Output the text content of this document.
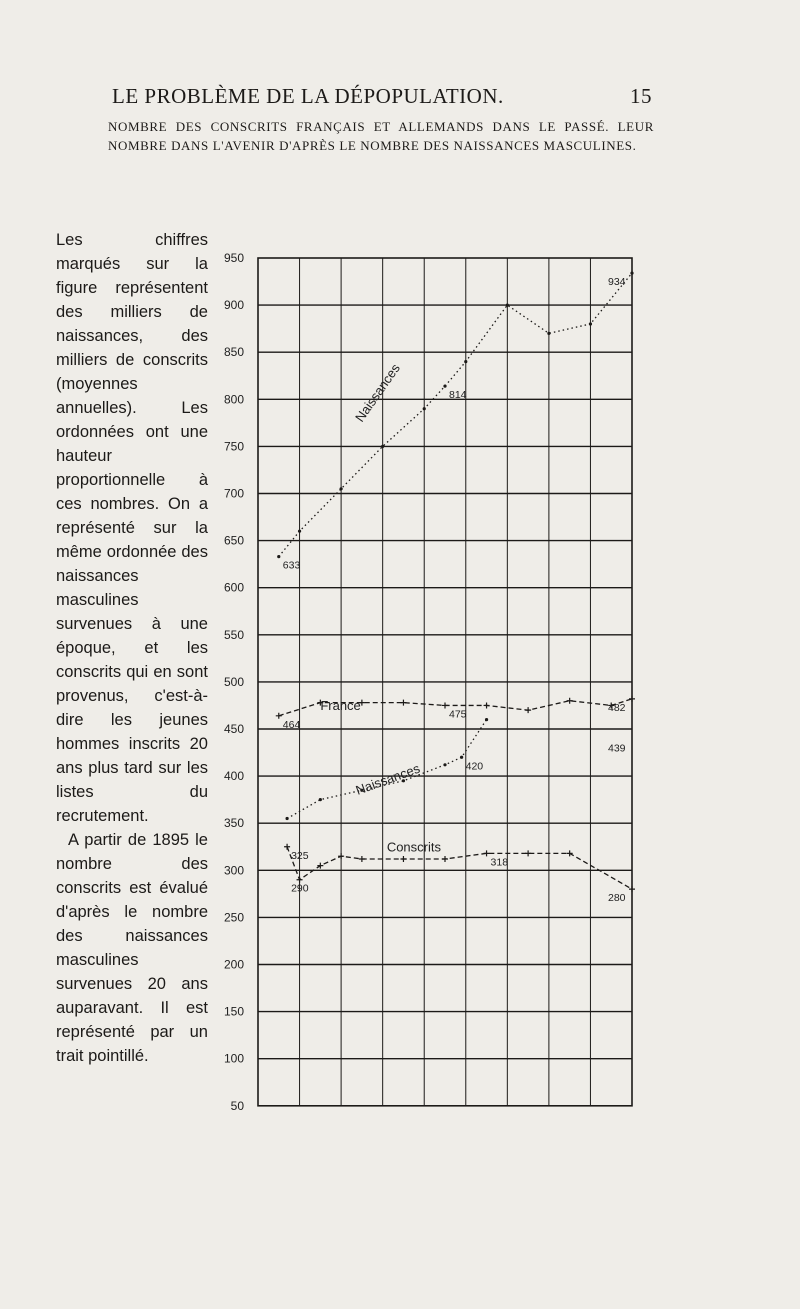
LE PROBLÈME DE LA DÉPOPULATION.	15
NOMBRE DES CONSCRITS FRANÇAIS ET ALLEMANDS DANS LE PASSÉ. LEUR NOMBRE DANS L'AVENIR D'APRÈS LE NOMBRE DES NAISSANCES MASCULINES.

Les chiffres marqués sur la figure représentent des milliers de naissances, des milliers de conscrits (moyennes annuelles). Les ordonnées ont une hauteur proportionnelle à ces nombres. On a représenté sur la même ordonnée des naissances masculines survenues à une époque, et les conscrits qui en sont provenus, c'est-à-dire les jeunes hommes inscrits 20 ans plus tard sur les listes du recrutement.

A partir de 1895 le nombre des conscrits est évalué d'après le nombre des naissances masculines survenues 20 ans auparavant. Il est représenté par un trait pointillé.

950
900
850
800
750
700
650
600
550
500
450
400
350
300
250
200
150
100
50
633
814
934
464
475
482
439
420
325
290
318
280
Naissances
France
Naissances
Conscrits
